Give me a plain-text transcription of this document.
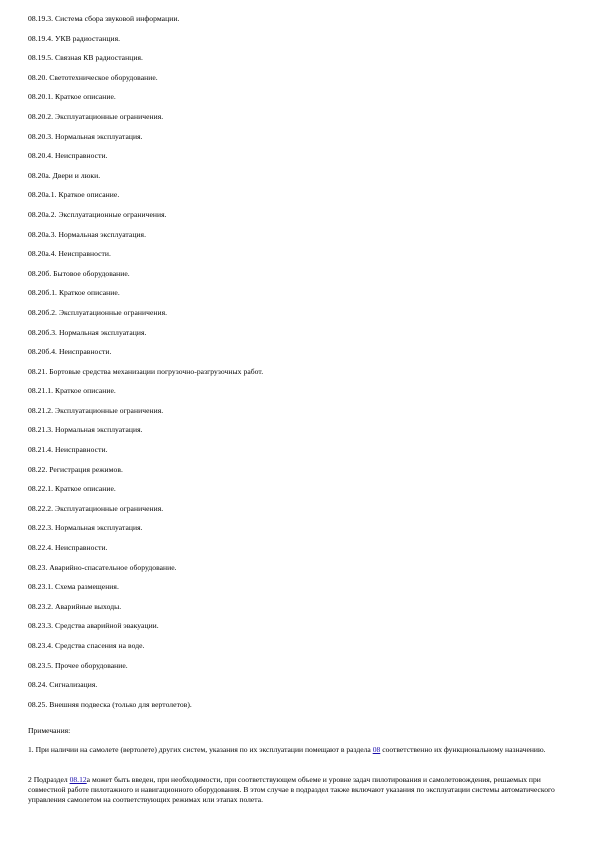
08.19.3. Система сбора звуковой информации.
08.19.4. УКВ радиостанция.
08.19.5. Связная КВ радиостанция.
08.20. Светотехническое оборудование.
08.20.1. Краткое описание.
08.20.2. Эксплуатационные ограничения.
08.20.3. Нормальная эксплуатация.
08.20.4. Неисправности.
08.20а. Двери и люки.
08.20а.1. Краткое описание.
08.20а.2. Эксплуатационные ограничения.
08.20а.3. Нормальная эксплуатация.
08.20а.4. Неисправности.
08.20б. Бытовое оборудование.
08.20б.1. Краткое описание.
08.20б.2. Эксплуатационные ограничения.
08.20б.3. Нормальная эксплуатация.
08.20б.4. Неисправности.
08.21. Бортовые средства механизации погрузочно-разгрузочных работ.
08.21.1. Краткое описание.
08.21.2. Эксплуатационные ограничения.
08.21.3. Нормальная эксплуатация.
08.21.4. Неисправности.
08.22. Регистрация режимов.
08.22.1. Краткое описание.
08.22.2. Эксплуатационные ограничения.
08.22.3. Нормальная эксплуатация.
08.22.4. Неисправности.
08.23. Аварийно-спасательное оборудование.
08.23.1. Схема размещения.
08.23.2. Аварийные выходы.
08.23.3. Средства аварийной эвакуации.
08.23.4. Средства спасения на воде.
08.23.5. Прочее оборудование.
08.24. Сигнализация.
08.25. Внешняя подвеска (только для вертолетов).

Примечания:

1. При наличии на самолете (вертолете) других систем, указания по их эксплуатации помещают в раздела 08 соответственно их функциональному назначению.

2 Подраздел 08.12а может быть введен, при необходимости, при соответствующем объеме и уровне задач пилотирования и самолетовождения, решаемых при совместной работе пилотажного и навигационного оборудования. В этом случае в подраздел также включают указания по эксплуатации системы автоматического управления самолетом на соответствующих режимах или этапах полета.
